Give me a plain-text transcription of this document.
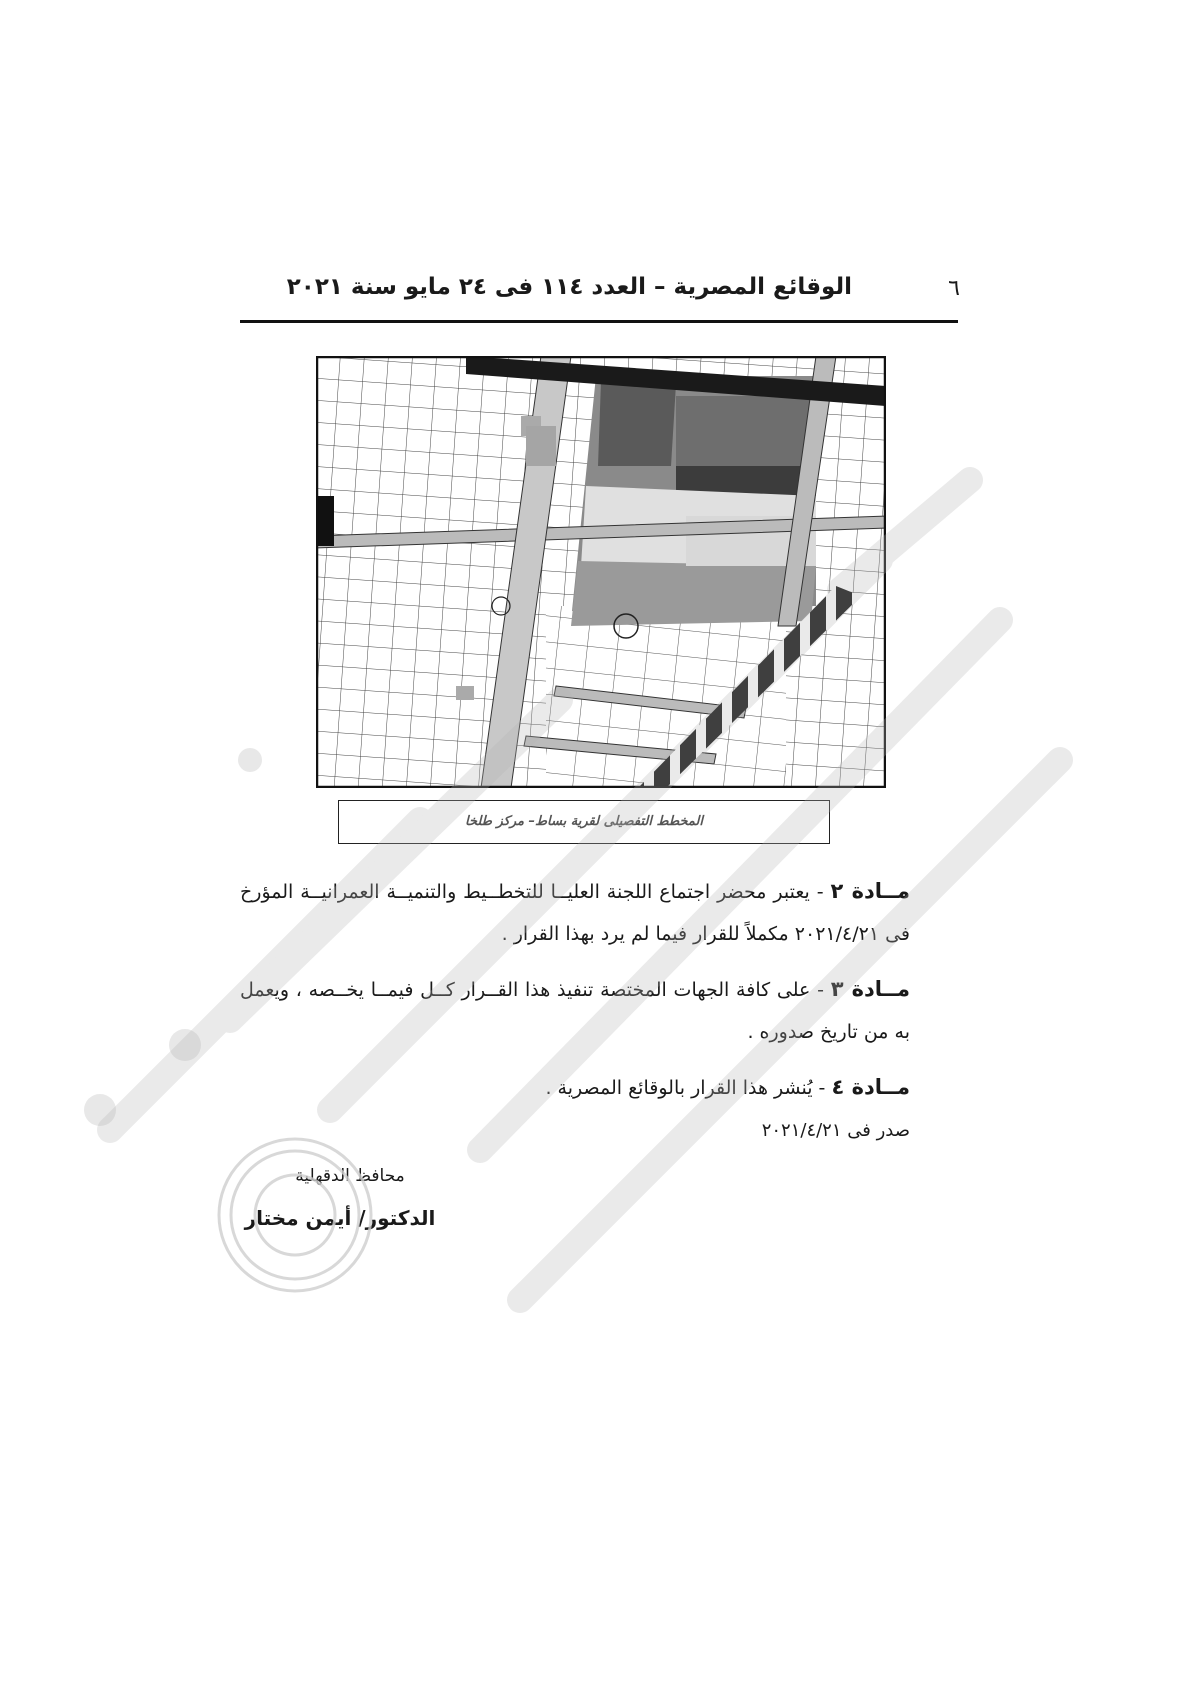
٦
الوقائع المصرية – العدد ١١٤ فى ٢٤ مايو سنة ٢٠٢١
المخطط التفصيلى لقرية بساط– مركز طلخا
مــادة ٢ - يعتبر محضر اجتماع اللجنة العليــا للتخطــيط والتنميــة العمرانيــة المؤرخ فى ٢٠٢١/٤/٢١ مكملاً للقرار فيما لم يرد بهذا القرار .
مــادة ٣ - على كافة الجهات المختصة تنفيذ هذا القــرار كــل فيمــا يخــصه ، ويعمل به من تاريخ صدوره .
مــادة ٤ - يُنشر هذا القرار بالوقائع المصرية .
صدر فى ٢٠٢١/٤/٢١
محافظ الدقهلية
الدكتور/ أيمن مختار
